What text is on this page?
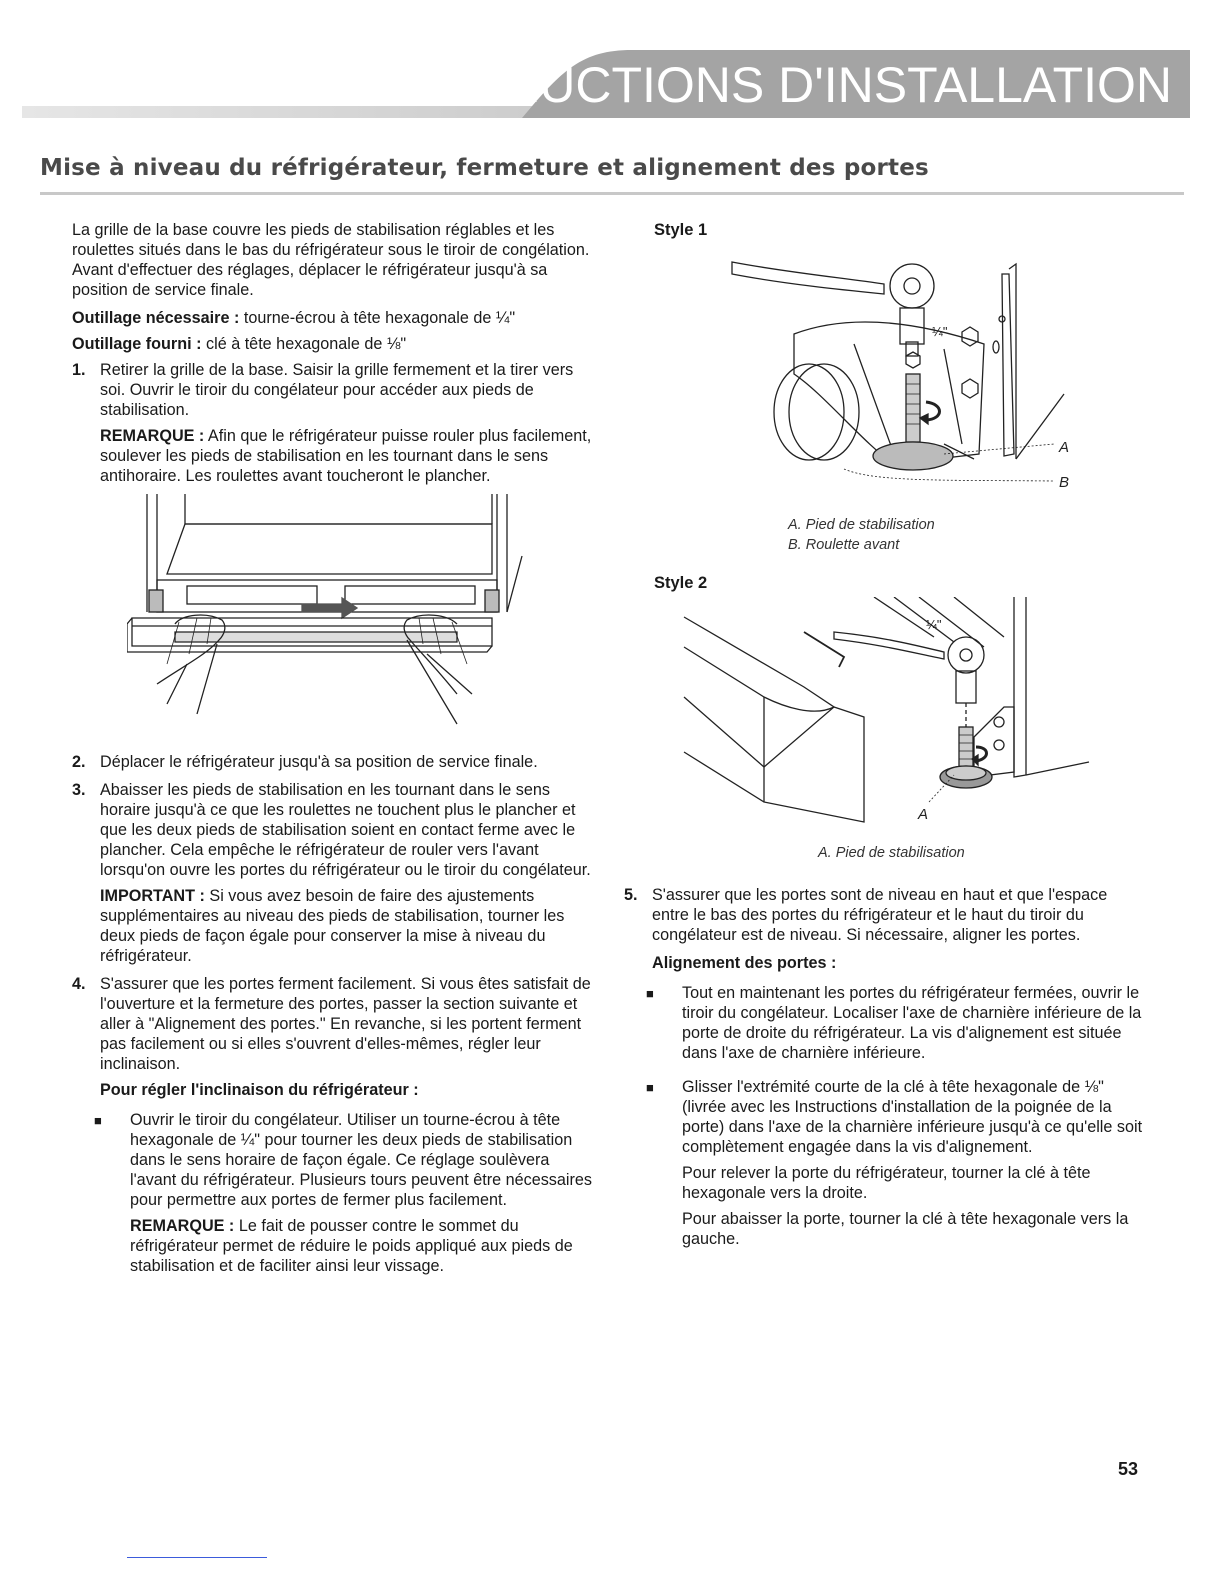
INSTRUCTIONS D'INSTALLATION
Mise à niveau du réfrigérateur, fermeture et alignement des portes

La grille de la base couvre les pieds de stabilisation réglables et les roulettes situés dans le bas du réfrigérateur sous le tiroir de congélation. Avant d'effectuer des réglages, déplacer le réfrigérateur jusqu'à sa position de service finale.

Outillage nécessaire : tourne-écrou à tête hexagonale de ¼"

Outillage fourni : clé à tête hexagonale de ⅛"

1. Retirer la grille de la base. Saisir la grille fermement et la tirer vers soi. Ouvrir le tiroir du congélateur pour accéder aux pieds de stabilisation.
REMARQUE : Afin que le réfrigérateur puisse rouler plus facilement, soulever les pieds de stabilisation en les tournant dans le sens antihoraire. Les roulettes avant toucheront le plancher.
2. Déplacer le réfrigérateur jusqu'à sa position de service finale.
3. Abaisser les pieds de stabilisation en les tournant dans le sens horaire jusqu'à ce que les roulettes ne touchent plus le plancher et que les deux pieds de stabilisation soient en contact ferme avec le plancher. Cela empêche le réfrigérateur de rouler vers l'avant lorsqu'on ouvre les portes du réfrigérateur ou le tiroir du congélateur.
IMPORTANT : Si vous avez besoin de faire des ajustements supplémentaires au niveau des pieds de stabilisation, tourner les deux pieds de façon égale pour conserver la mise à niveau du réfrigérateur.
4. S'assurer que les portes ferment facilement. Si vous êtes satisfait de l'ouverture et la fermeture des portes, passer la section suivante et aller à "Alignement des portes." En revanche, si les portent ferment pas facilement ou si elles s'ouvrent d'elles-mêmes, régler leur inclinaison.
Pour régler l'inclinaison du réfrigérateur :
■ Ouvrir le tiroir du congélateur. Utiliser un tourne-écrou à tête hexagonale de ¼" pour tourner les deux pieds de stabilisation dans le sens horaire de façon égale. Ce réglage soulèvera l'avant du réfrigérateur. Plusieurs tours peuvent être nécessaires pour permettre aux portes de fermer plus facilement.
REMARQUE : Le fait de pousser contre le sommet du réfrigérateur permet de réduire le poids appliqué aux pieds de stabilisation et de faciliter ainsi leur vissage.
Style 1
¼"
A
B
A. Pied de stabilisation
B. Roulette avant
Style 2
¼"
A
A. Pied de stabilisation
5. S'assurer que les portes sont de niveau en haut et que l'espace entre le bas des portes du réfrigérateur et le haut du tiroir du congélateur est de niveau. Si nécessaire, aligner les portes.
Alignement des portes :
■ Tout en maintenant les portes du réfrigérateur fermées, ouvrir le tiroir du congélateur. Localiser l'axe de charnière inférieure de la porte de droite du réfrigérateur. La vis d'alignement est située dans l'axe de charnière inférieure.
■ Glisser l'extrémité courte de la clé à tête hexagonale de ⅛" (livrée avec les Instructions d'installation de la poignée de la porte) dans l'axe de la charnière inférieure jusqu'à ce qu'elle soit complètement engagée dans la vis d'alignement.
Pour relever la porte du réfrigérateur, tourner la clé à tête hexagonale vers la droite.
Pour abaisser la porte, tourner la clé à tête hexagonale vers la gauche.
53
